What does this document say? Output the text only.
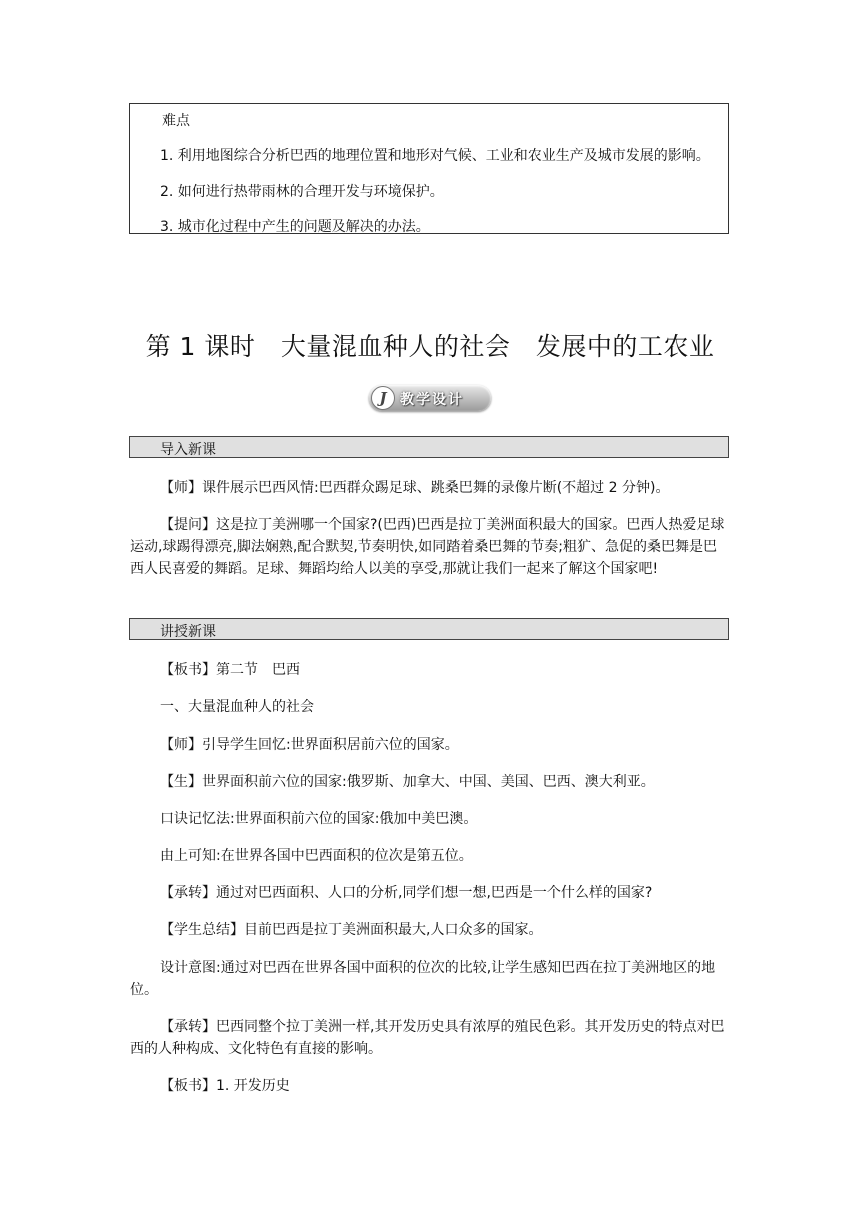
难点
1. 利用地图综合分析巴西的地理位置和地形对气候、工业和农业生产及城市发展的影响。
2. 如何进行热带雨林的合理开发与环境保护。
3. 城市化过程中产生的问题及解决的办法。
第 1 课时　大量混血种人的社会　发展中的工农业
J 教学设计
导入新课

【师】课件展示巴西风情:巴西群众踢足球、跳桑巴舞的录像片断(不超过 2 分钟)。

【提问】这是拉丁美洲哪一个国家?(巴西)巴西是拉丁美洲面积最大的国家。巴西人热爱足球运动,球踢得漂亮,脚法娴熟,配合默契,节奏明快,如同踏着桑巴舞的节奏;粗犷、急促的桑巴舞是巴西人民喜爱的舞蹈。足球、舞蹈均给人以美的享受,那就让我们一起来了解这个国家吧!

讲授新课

【板书】第二节　巴西

一、大量混血种人的社会

【师】引导学生回忆:世界面积居前六位的国家。

【生】世界面积前六位的国家:俄罗斯、加拿大、中国、美国、巴西、澳大利亚。

口诀记忆法:世界面积前六位的国家:俄加中美巴澳。

由上可知:在世界各国中巴西面积的位次是第五位。

【承转】通过对巴西面积、人口的分析,同学们想一想,巴西是一个什么样的国家?

【学生总结】目前巴西是拉丁美洲面积最大,人口众多的国家。

设计意图:通过对巴西在世界各国中面积的位次的比较,让学生感知巴西在拉丁美洲地区的地位。

【承转】巴西同整个拉丁美洲一样,其开发历史具有浓厚的殖民色彩。其开发历史的特点对巴西的人种构成、文化特色有直接的影响。

【板书】1. 开发历史
